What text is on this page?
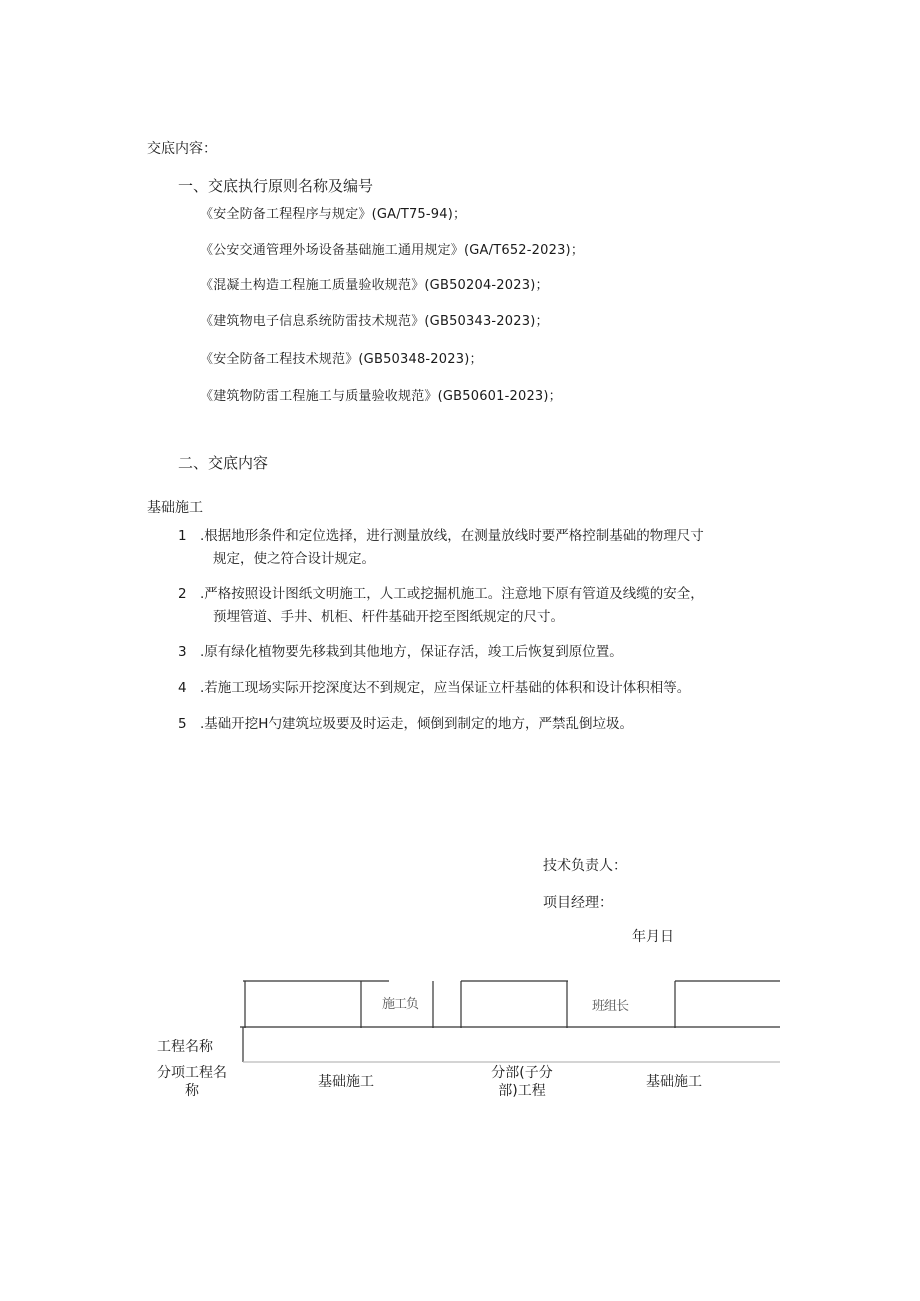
交底内容：
一、交底执行原则名称及编号
《安全防备工程程序与规定》(GA/T75-94)；
《公安交通管理外场设备基础施工通用规定》(GA/T652-2023)；
《混凝土构造工程施工质量验收规范》(GB50204-2023)；
《建筑物电子信息系统防雷技术规范》(GB50343-2023)；
《安全防备工程技术规范》(GB50348-2023)；
《建筑物防雷工程施工与质量验收规范》(GB50601-2023)；
二、交底内容
基础施工
1 .根据地形条件和定位选择，进行测量放线，在测量放线时要严格控制基础的物理尺寸
规定，使之符合设计规定。
2 .严格按照设计图纸文明施工，人工或挖掘机施工。注意地下原有管道及线缆的安全，
预埋管道、手井、机柜、杆件基础开挖至图纸规定的尺寸。
3 .原有绿化植物要先移栽到其他地方，保证存活，竣工后恢复到原位置。
4 .若施工现场实际开挖深度达不到规定，应当保证立杆基础的体积和设计体积相等。
5 .基础开挖H勺建筑垃圾要及时运走，倾倒到制定的地方，严禁乱倒垃圾。
技术负责人：
项目经理：
年月日
施工负	班组长
工程名称
分项工程名
称
基础施工
分部(子分
部)工程
基础施工
